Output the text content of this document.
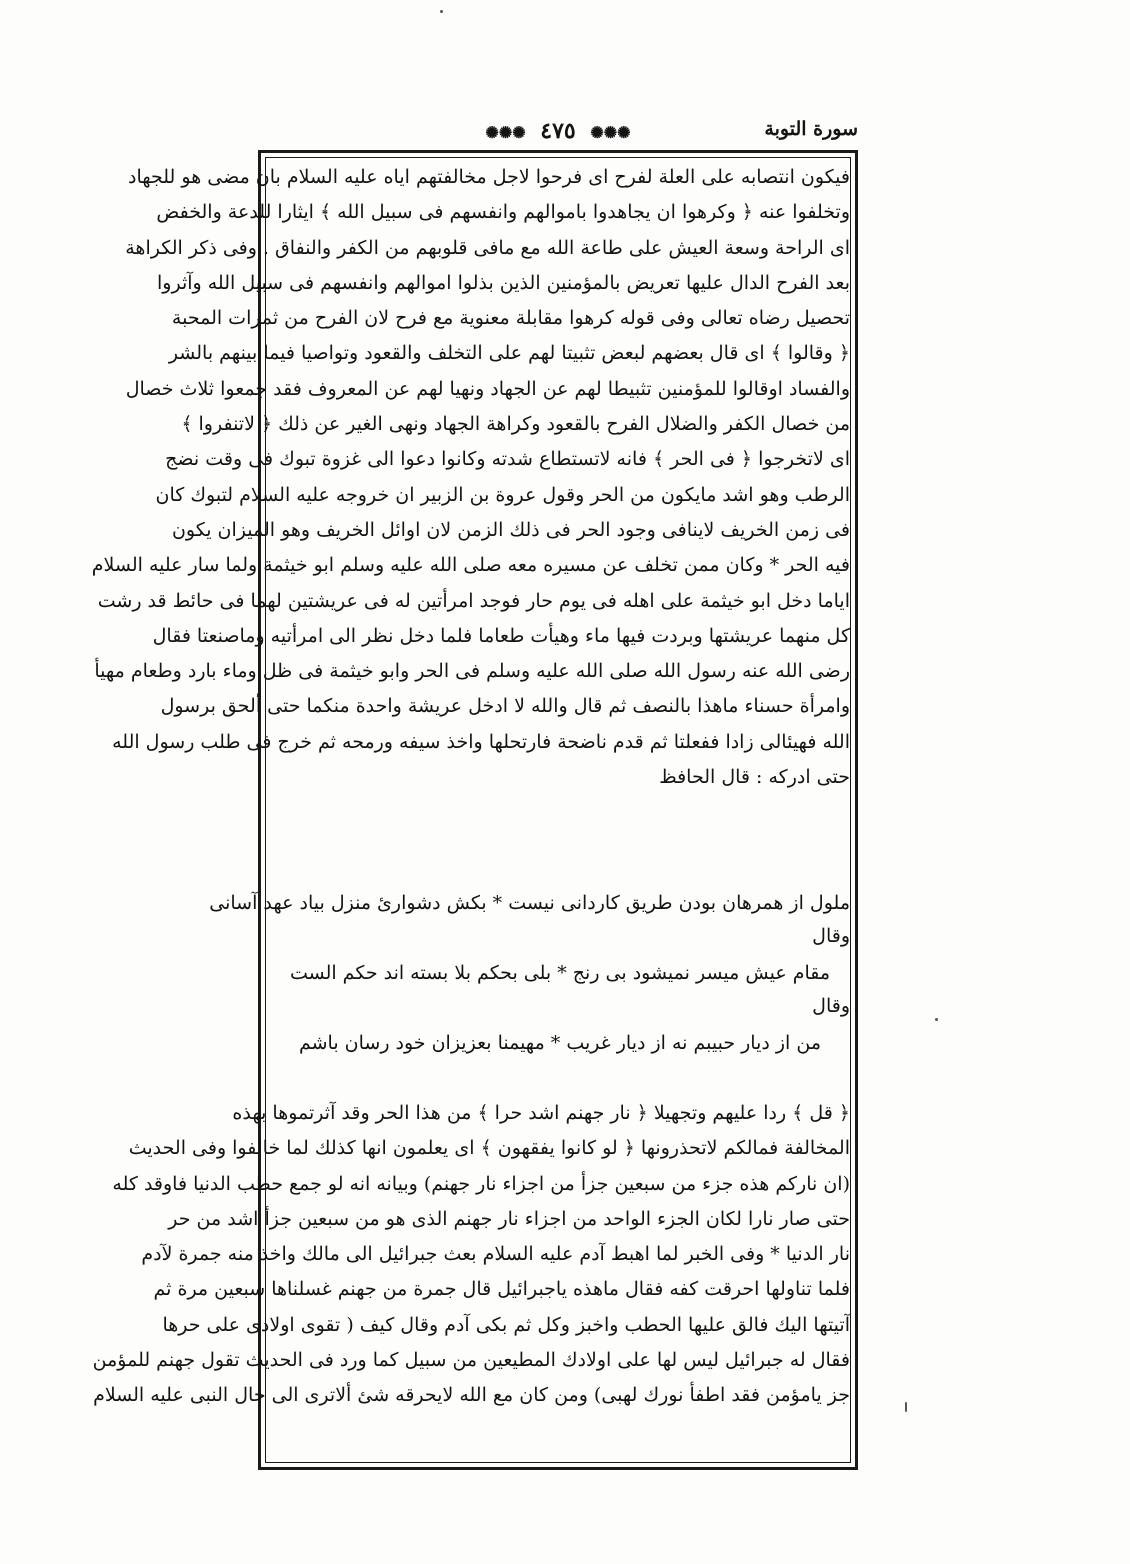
سورة التوبة
✺✺✺ ٤٧٥ ✺✺✺
فيكون انتصابه على العلة لفرح اى فرحوا لاجل مخالفتهم اياه عليه السلام بان مضى هو للجهاد
وتخلفوا عنه ﴿ وكرهوا ان يجاهدوا باموالهم وانفسهم فى سبيل الله ﴾ ايثارا للدعة والخفض
اى الراحة وسعة العيش على طاعة الله مع مافى قلوبهم من الكفر والنفاق . وفى ذكر الكراهة
بعد الفرح الدال عليها تعريض بالمؤمنين الذين بذلوا اموالهم وانفسهم فى سبيل الله وآثروا
تحصيل رضاه تعالى وفى قوله كرهوا مقابلة معنوية مع فرح لان الفرح من ثمرات المحبة
﴿ وقالوا ﴾ اى قال بعضهم لبعض تثبيتا لهم على التخلف والقعود وتواصيا فيما بينهم بالشر
والفساد اوقالوا للمؤمنين تثبيطا لهم عن الجهاد ونهيا لهم عن المعروف فقد جمعوا ثلاث خصال
من خصال الكفر والضلال الفرح بالقعود وكراهة الجهاد ونهى الغير عن ذلك ﴿ لاتنفروا ﴾
اى لاتخرجوا ﴿ فى الحر ﴾ فانه لاتستطاع شدته وكانوا دعوا الى غزوة تبوك فى وقت نضج
الرطب وهو اشد مايكون من الحر وقول عروة بن الزبير ان خروجه عليه السلام لتبوك كان
فى زمن الخريف لاينافى وجود الحر فى ذلك الزمن لان اوائل الخريف وهو الميزان يكون
فيه الحر * وكان ممن تخلف عن مسيره معه صلى الله عليه وسلم ابو خيثمة ولما سار عليه السلام
اياما دخل ابو خيثمة على اهله فى يوم حار فوجد امرأتين له فى عريشتين لهما فى حائط قد رشت
كل منهما عريشتها وبردت فيها ماء وهيأت طعاما فلما دخل نظر الى امرأتيه وماصنعتا فقال
رضى الله عنه رسول الله صلى الله عليه وسلم فى الحر وابو خيثمة فى ظل وماء بارد وطعام مهيأ
وامرأة حسناء ماهذا بالنصف ثم قال والله لا ادخل عريشة واحدة منكما حتى ألحق برسول
الله فهيئالى زادا ففعلتا ثم قدم ناضحة فارتحلها واخذ سيفه ورمحه ثم خرج فى طلب رسول الله
حتى ادركه : قال الحافظ
ملول از همرهان بودن طريق كاردانى نيست * بكش دشوارئ منزل بياد عهد آسانى
وقال
مقام عيش ميسر نميشود بى رنج * بلى بحكم بلا بسته اند حكم الست
وقال
من از ديار حبيبم نه از ديار غريب * مهيمنا بعزيزان خود رسان باشم
﴿ قل ﴾ ردا عليهم وتجهيلا ﴿ نار جهنم اشد حرا ﴾ من هذا الحر وقد آثرتموها بهذه
المخالفة فمالكم لاتحذرونها ﴿ لو كانوا يفقهون ﴾ اى يعلمون انها كذلك لما خالفوا وفى الحديث
(ان ناركم هذه جزء من سبعين جزأ من اجزاء نار جهنم) وبيانه انه لو جمع حطب الدنيا فاوقد كله
حتى صار نارا لكان الجزء الواحد من اجزاء نار جهنم الذى هو من سبعين جزأ اشد من حر
نار الدنيا * وفى الخبر لما اهبط آدم عليه السلام بعث جبرائيل الى مالك واخذ منه جمرة لآدم
فلما تناولها احرقت كفه فقال ماهذه ياجبرائيل قال جمرة من جهنم غسلناها سبعين مرة ثم
آتيتها اليك فالق عليها الحطب واخبز وكل ثم بكى آدم وقال كيف ( تقوى اولادى على حرها
فقال له جبرائيل ليس لها على اولادك المطيعين من سبيل كما ورد فى الحديث تقول جهنم للمؤمن
جز يامؤمن فقد اطفأ نورك لهبى) ومن كان مع الله لايحرقه شئ ألاترى الى حال النبى عليه السلام
